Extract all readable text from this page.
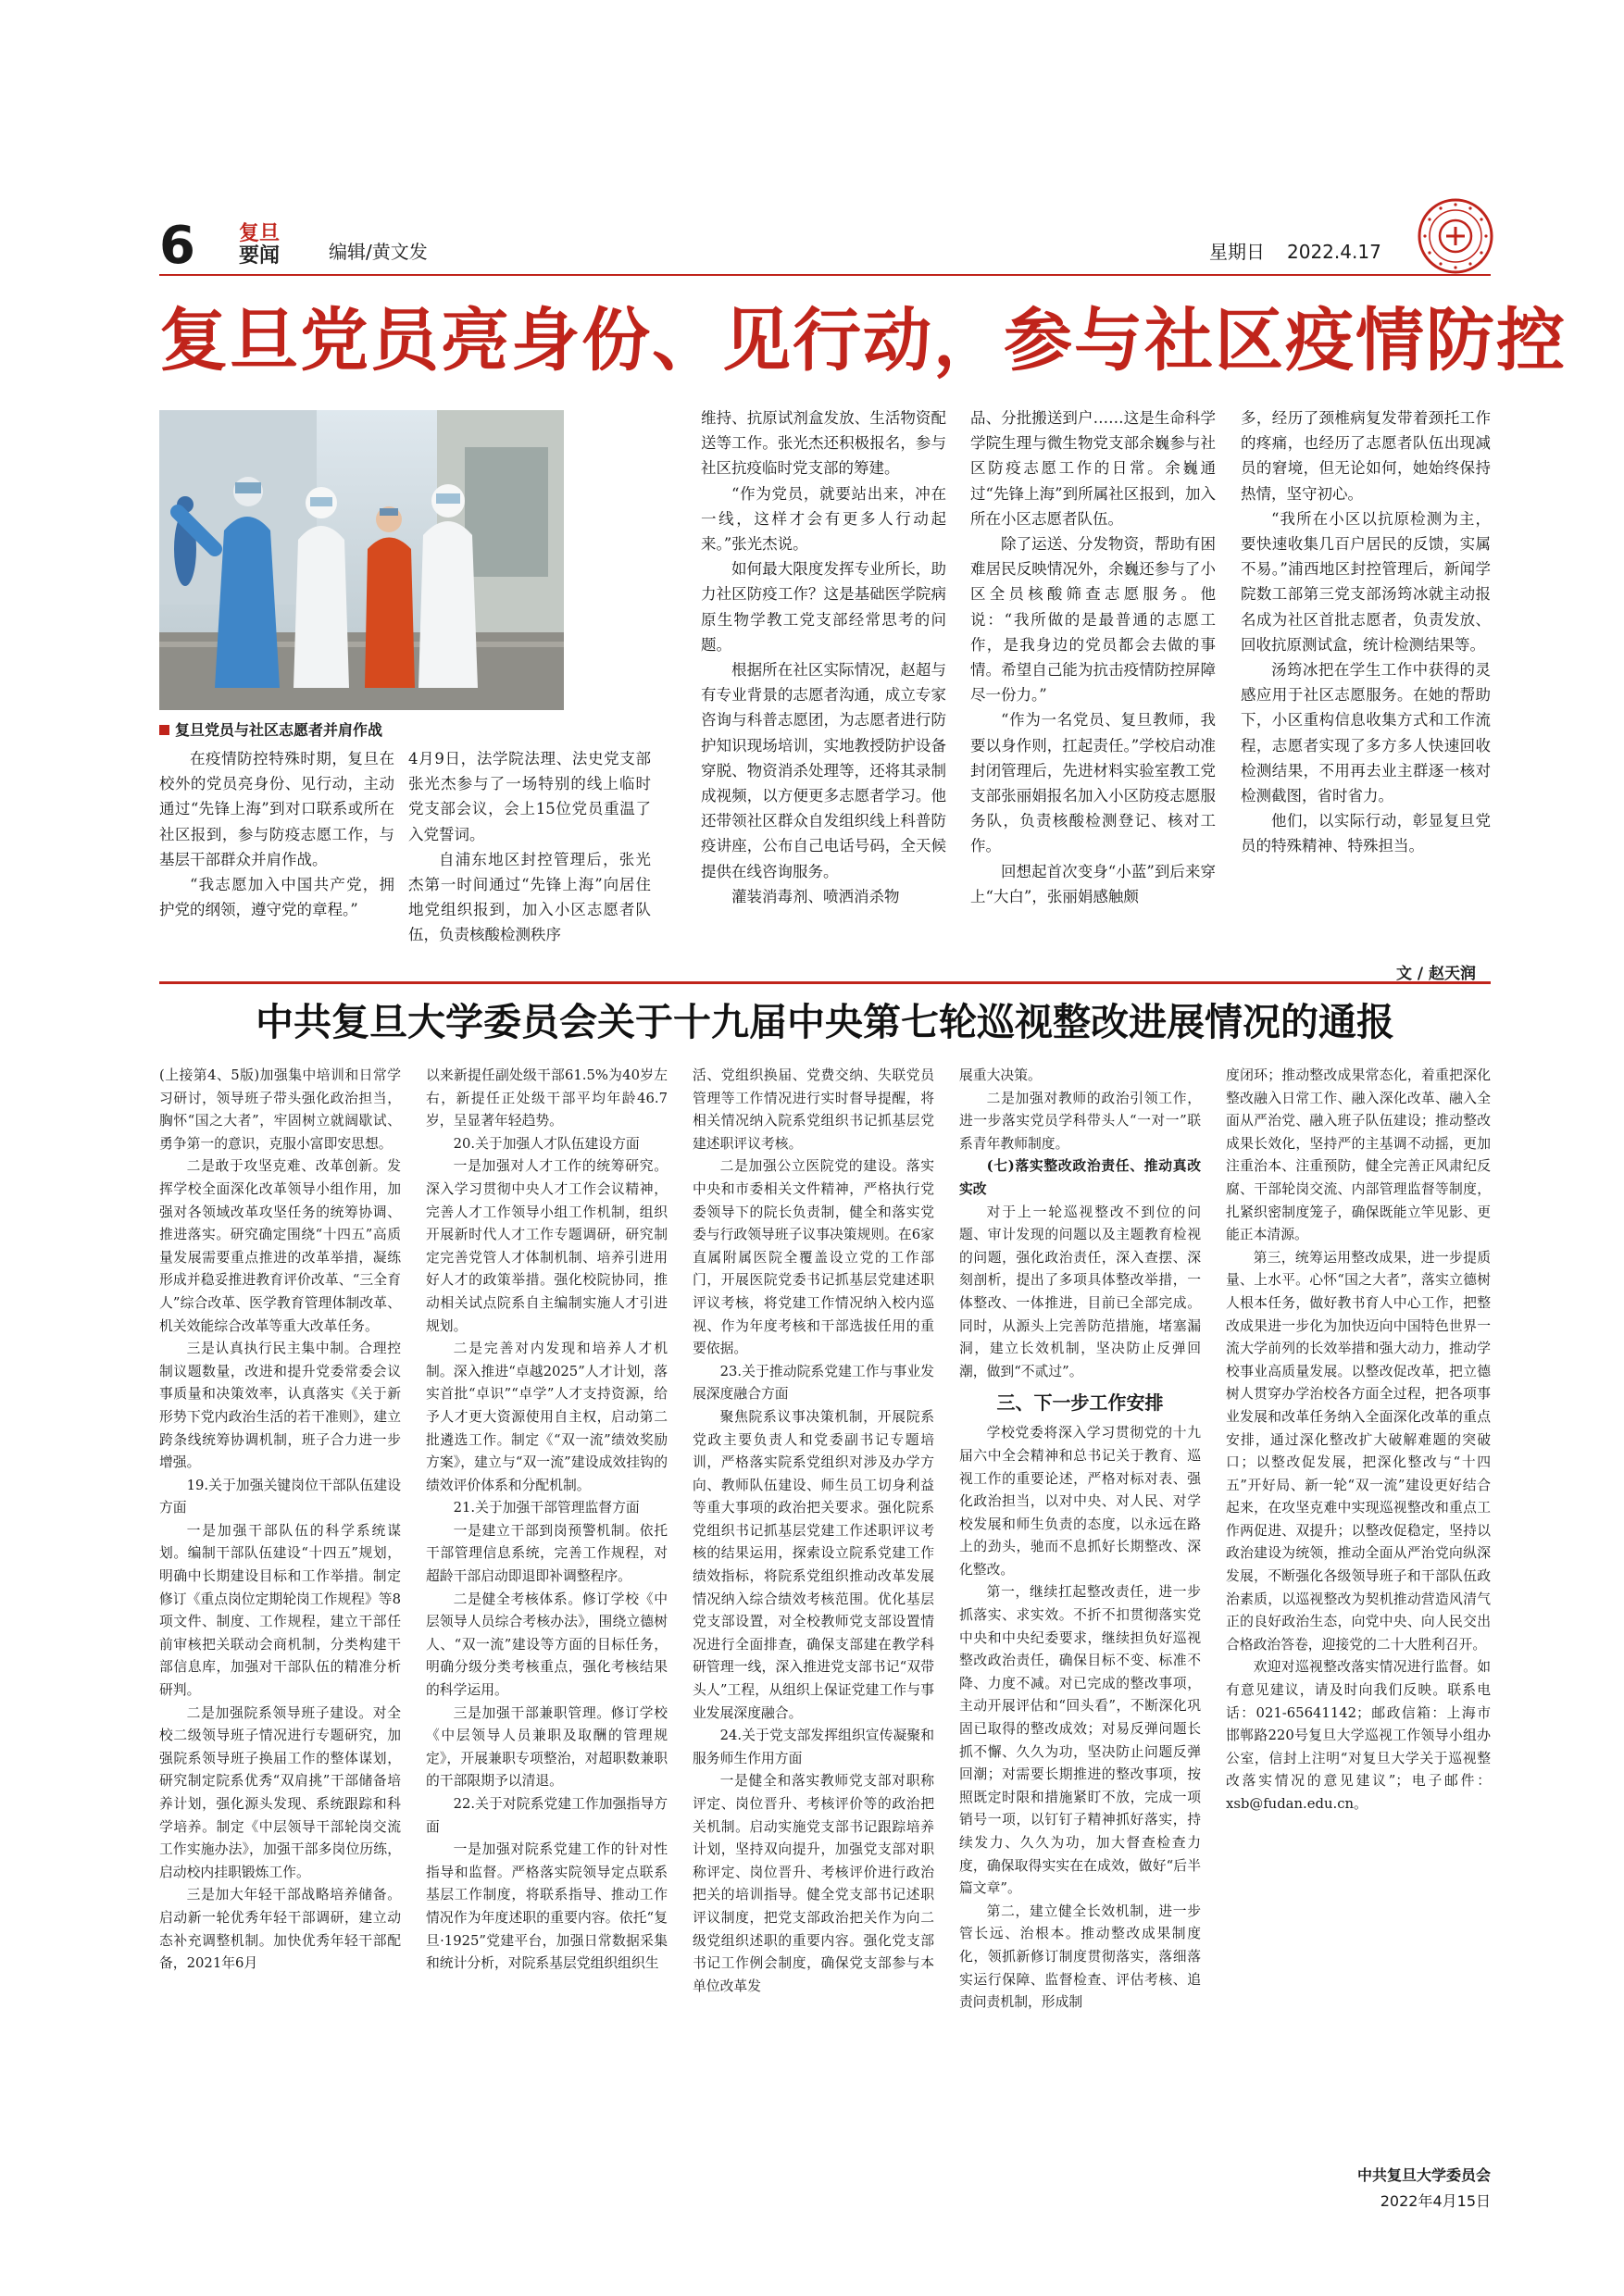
6 复旦
要闻	编辑/黄文发	星期日 2022.4.17
复旦党员亮身份、见行动，参与社区疫情防控
复旦党员与社区志愿者并肩作战

在疫情防控特殊时期，复旦在校外的党员亮身份、见行动，主动通过“先锋上海”到对口联系或所在社区报到，参与防疫志愿工作，与基层干部群众并肩作战。

“我志愿加入中国共产党，拥护党的纲领，遵守党的章程。”

4月9日，法学院法理、法史党支部张光杰参与了一场特别的线上临时党支部会议，会上15位党员重温了入党誓词。

自浦东地区封控管理后，张光杰第一时间通过“先锋上海”向居住地党组织报到，加入小区志愿者队伍，负责核酸检测秩序

维持、抗原试剂盒发放、生活物资配送等工作。张光杰还积极报名，参与社区抗疫临时党支部的筹建。

“作为党员，就要站出来，冲在一线，这样才会有更多人行动起来。”张光杰说。

如何最大限度发挥专业所长，助力社区防疫工作？这是基础医学院病原生物学教工党支部经常思考的问题。

根据所在社区实际情况，赵超与有专业背景的志愿者沟通，成立专家咨询与科普志愿团，为志愿者进行防护知识现场培训，实地教授防护设备穿脱、物资消杀处理等，还将其录制成视频，以方便更多志愿者学习。他还带领社区群众自发组织线上科普防疫讲座，公布自己电话号码，全天候提供在线咨询服务。

灌装消毒剂、喷洒消杀物

品、分批搬送到户……这是生命科学学院生理与微生物党支部余巍参与社区防疫志愿工作的日常。余巍通过“先锋上海”到所属社区报到，加入所在小区志愿者队伍。

除了运送、分发物资，帮助有困难居民反映情况外，余巍还参与了小区全员核酸筛查志愿服务。他说：“我所做的是最普通的志愿工作，是我身边的党员都会去做的事情。希望自己能为抗击疫情防控屏障尽一份力。”

“作为一名党员、复旦教师，我要以身作则，扛起责任。”学校启动准封闭管理后，先进材料实验室教工党支部张丽娟报名加入小区防疫志愿服务队，负责核酸检测登记、核对工作。

回想起首次变身“小蓝”到后来穿上“大白”，张丽娟感触颇

多，经历了颈椎病复发带着颈托工作的疼痛，也经历了志愿者队伍出现减员的窘境，但无论如何，她始终保持热情，坚守初心。

“我所在小区以抗原检测为主，要快速收集几百户居民的反馈，实属不易。”浦西地区封控管理后，新闻学院数工部第三党支部汤筠冰就主动报名成为社区首批志愿者，负责发放、回收抗原测试盒，统计检测结果等。

汤筠冰把在学生工作中获得的灵感应用于社区志愿服务。在她的帮助下，小区重构信息收集方式和工作流程，志愿者实现了多方多人快速回收检测结果，不用再去业主群逐一核对检测截图，省时省力。

他们，以实际行动，彰显复旦党员的特殊精神、特殊担当。

文 / 赵天润
中共复旦大学委员会关于十九届中央第七轮巡视整改进展情况的通报

(上接第4、5版)加强集中培训和日常学习研讨，领导班子带头强化政治担当，胸怀“国之大者”，牢固树立就阔歇试、勇争第一的意识，克服小富即安思想。

二是敢于攻坚克难、改革创新。发挥学校全面深化改革领导小组作用，加强对各领域改革攻坚任务的统筹协调、推进落实。研究确定围绕“十四五”高质量发展需要重点推进的改革举措，凝练形成并稳妥推进教育评价改革、“三全育人”综合改革、医学教育管理体制改革、机关效能综合改革等重大改革任务。

三是认真执行民主集中制。合理控制议题数量，改进和提升党委常委会议事质量和决策效率，认真落实《关于新形势下党内政治生活的若干准则》，建立跨条线统筹协调机制，班子合力进一步增强。

19.关于加强关键岗位干部队伍建设方面

一是加强干部队伍的科学系统谋划。编制干部队伍建设“十四五”规划，明确中长期建设目标和工作举措。制定修订《重点岗位定期轮岗工作规程》等8项文件、制度、工作规程，建立干部任前审核把关联动会商机制，分类构建干部信息库，加强对干部队伍的精准分析研判。

二是加强院系领导班子建设。对全校二级领导班子情况进行专题研究，加强院系领导班子换届工作的整体谋划，研究制定院系优秀“双肩挑”干部储备培养计划，强化源头发现、系统跟踪和科学培养。制定《中层领导干部轮岗交流工作实施办法》，加强干部多岗位历练，启动校内挂职锻炼工作。

三是加大年轻干部战略培养储备。启动新一轮优秀年轻干部调研，建立动态补充调整机制。加快优秀年轻干部配备，2021年6月

以来新提任副处级干部61.5%为40岁左右，新提任正处级干部平均年龄46.7岁，呈显著年轻趋势。

20.关于加强人才队伍建设方面

一是加强对人才工作的统筹研究。深入学习贯彻中央人才工作会议精神，完善人才工作领导小组工作机制，组织开展新时代人才工作专题调研，研究制定完善党管人才体制机制、培养引进用好人才的政策举措。强化校院协同，推动相关试点院系自主编制实施人才引进规划。

二是完善对内发现和培养人才机制。深入推进“卓越2025”人才计划，落实首批“卓识”“卓学”人才支持资源，给予人才更大资源使用自主权，启动第二批遴选工作。制定《“双一流”绩效奖励方案》，建立与“双一流”建设成效挂钩的绩效评价体系和分配机制。

21.关于加强干部管理监督方面

一是建立干部到岗预警机制。依托干部管理信息系统，完善工作规程，对超龄干部启动即退即补调整程序。

二是健全考核体系。修订学校《中层领导人员综合考核办法》，围绕立德树人、“双一流”建设等方面的目标任务，明确分级分类考核重点，强化考核结果的科学运用。

三是加强干部兼职管理。修订学校《中层领导人员兼职及取酬的管理规定》，开展兼职专项整治，对超职数兼职的干部限期予以清退。

22.关于对院系党建工作加强指导方面

一是加强对院系党建工作的针对性指导和监督。严格落实院领导定点联系基层工作制度，将联系指导、推动工作情况作为年度述职的重要内容。依托“复旦·1925”党建平台，加强日常数据采集和统计分析，对院系基层党组织组织生

活、党组织换届、党费交纳、失联党员管理等工作情况进行实时督导提醒，将相关情况纳入院系党组织书记抓基层党建述职评议考核。

二是加强公立医院党的建设。落实中央和市委相关文件精神，严格执行党委领导下的院长负责制，健全和落实党委与行政领导班子议事决策规则。在6家直属附属医院全覆盖设立党的工作部门，开展医院党委书记抓基层党建述职评议考核，将党建工作情况纳入校内巡视、作为年度考核和干部选拔任用的重要依据。

23.关于推动院系党建工作与事业发展深度融合方面

聚焦院系议事决策机制，开展院系党政主要负责人和党委副书记专题培训，严格落实院系党组织对涉及办学方向、教师队伍建设、师生员工切身利益等重大事项的政治把关要求。强化院系党组织书记抓基层党建工作述职评议考核的结果运用，探索设立院系党建工作绩效指标，将院系党组织推动改革发展情况纳入综合绩效考核范围。优化基层党支部设置，对全校教师党支部设置情况进行全面排查，确保支部建在教学科研管理一线，深入推进党支部书记“双带头人”工程，从组织上保证党建工作与事业发展深度融合。

24.关于党支部发挥组织宣传凝聚和服务师生作用方面

一是健全和落实教师党支部对职称评定、岗位晋升、考核评价等的政治把关机制。启动实施党支部书记跟踪培养计划，坚持双向提升，加强党支部对职称评定、岗位晋升、考核评价进行政治把关的培训指导。健全党支部书记述职评议制度，把党支部政治把关作为向二级党组织述职的重要内容。强化党支部书记工作例会制度，确保党支部参与本单位改革发

展重大决策。

二是加强对教师的政治引领工作，进一步落实党员学科带头人“一对一”联系青年教师制度。

(七)落实整改政治责任、推动真改实改

对于上一轮巡视整改不到位的问题、审计发现的问题以及主题教育检视的问题，强化政治责任，深入查摆、深刻剖析，提出了多项具体整改举措，一体整改、一体推进，目前已全部完成。同时，从源头上完善防范措施，堵塞漏洞，建立长效机制，坚决防止反弹回潮，做到“不贰过”。

三、下一步工作安排

学校党委将深入学习贯彻党的十九届六中全会精神和总书记关于教育、巡视工作的重要论述，严格对标对表、强化政治担当，以对中央、对人民、对学校发展和师生负责的态度，以永远在路上的劲头，驰而不息抓好长期整改、深化整改。

第一，继续扛起整改责任，进一步抓落实、求实效。不折不扣贯彻落实党中央和中央纪委要求，继续担负好巡视整改政治责任，确保目标不变、标准不降、力度不减。对已完成的整改事项，主动开展评估和“回头看”，不断深化巩固已取得的整改成效；对易反弹问题长抓不懈、久久为功，坚决防止问题反弹回潮；对需要长期推进的整改事项，按照既定时限和措施紧盯不放，完成一项销号一项，以钉钉子精神抓好落实，持续发力、久久为功，加大督查检查力度，确保取得实实在在成效，做好“后半篇文章”。

第二，建立健全长效机制，进一步管长远、治根本。推动整改成果制度化，领抓新修订制度贯彻落实，落细落实运行保障、监督检查、评估考核、追责问责机制，形成制

度闭环；推动整改成果常态化，着重把深化整改融入日常工作、融入深化改革、融入全面从严治党、融入班子队伍建设；推动整改成果长效化，坚持严的主基调不动摇，更加注重治本、注重预防，健全完善正风肃纪反腐、干部轮岗交流、内部管理监督等制度，扎紧织密制度笼子，确保既能立竿见影、更能正本清源。

第三，统筹运用整改成果，进一步提质量、上水平。心怀“国之大者”，落实立德树人根本任务，做好教书育人中心工作，把整改成果进一步化为加快迈向中国特色世界一流大学前列的长效举措和强大动力，推动学校事业高质量发展。以整改促改革，把立德树人贯穿办学治校各方面全过程，把各项事业发展和改革任务纳入全面深化改革的重点安排，通过深化整改扩大破解难题的突破口；以整改促发展，把深化整改与“十四五”开好局、新一轮“双一流”建设更好结合起来，在攻坚克难中实现巡视整改和重点工作两促进、双提升；以整改促稳定，坚持以政治建设为统领，推动全面从严治党向纵深发展，不断强化各级领导班子和干部队伍政治素质，以巡视整改为契机推动营造风清气正的良好政治生态，向党中央、向人民交出合格政治答卷，迎接党的二十大胜利召开。

欢迎对巡视整改落实情况进行监督。如有意见建议，请及时向我们反映。联系电话：021-65641142；邮政信箱：上海市邯郸路220号复旦大学巡视工作领导小组办公室，信封上注明“对复旦大学关于巡视整改落实情况的意见建议”；电子邮件：xsb@fudan.edu.cn。

中共复旦大学委员会
2022年4月15日
